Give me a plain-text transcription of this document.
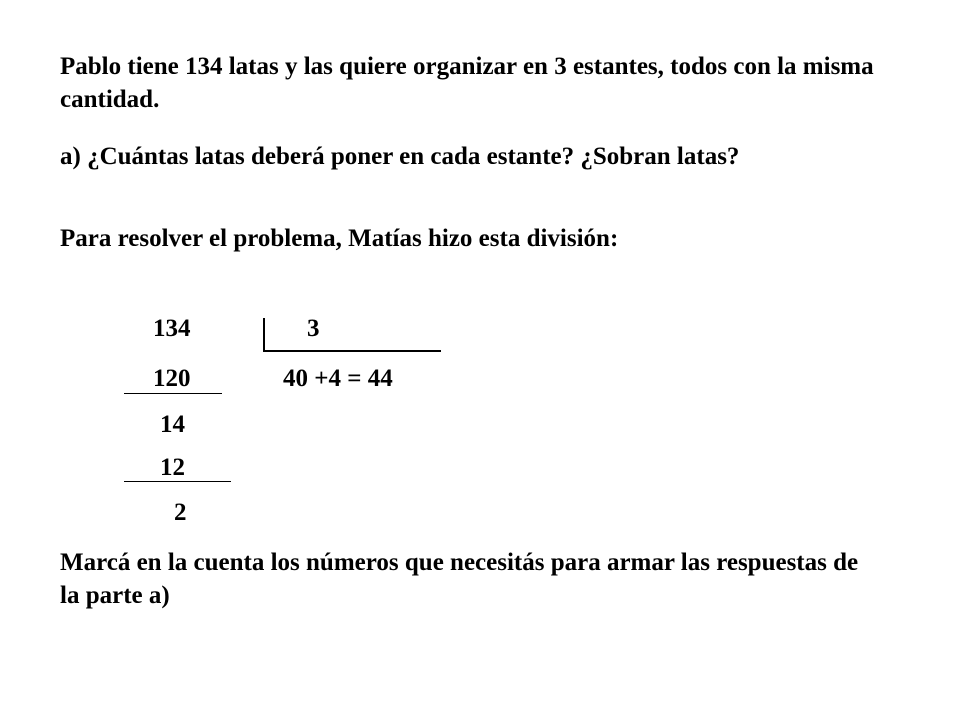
Pablo tiene 134 latas y las quiere organizar en 3 estantes, todos con la misma cantidad.

a) ¿Cuántas latas deberá poner en cada estante? ¿Sobran latas?

Para resolver el problema, Matías hizo esta división:

134	3
120	40 +4 = 44
14
12
2

Marcá en la cuenta los números que necesitás para armar las respuestas de la parte a)
